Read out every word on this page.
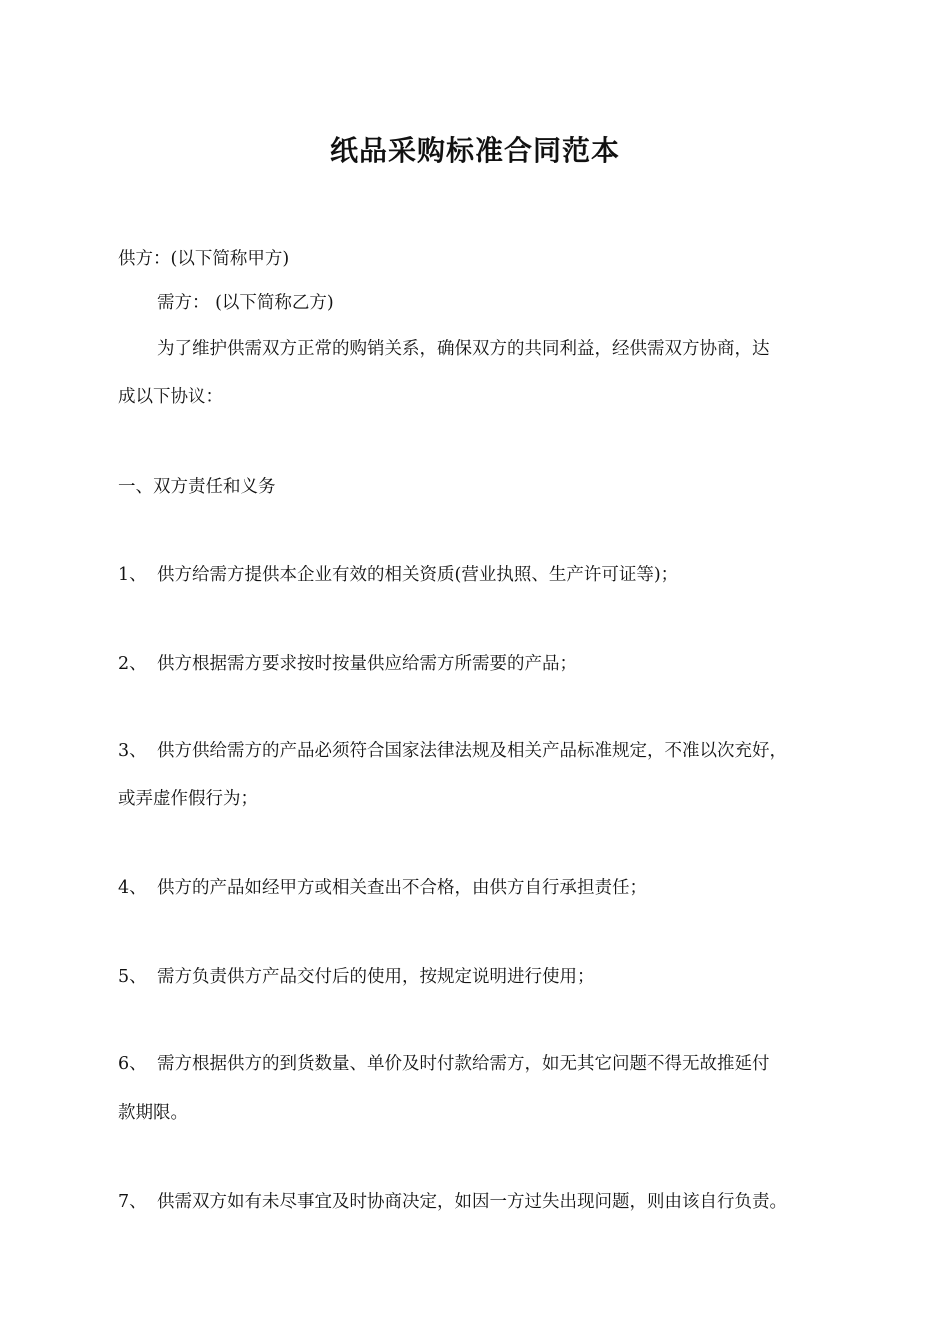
纸品采购标准合同范本
供方：(以下简称甲方)
需方： (以下简称乙方)
为了维护供需双方正常的购销关系，确保双方的共同利益，经供需双方协商，达
成以下协议：
一、双方责任和义务
1、 供方给需方提供本企业有效的相关资质(营业执照、生产许可证等)；
2、 供方根据需方要求按时按量供应给需方所需要的产品；
3、 供方供给需方的产品必须符合国家法律法规及相关产品标准规定，不准以次充好，
或弄虚作假行为；
4、 供方的产品如经甲方或相关查出不合格，由供方自行承担责任；
5、 需方负责供方产品交付后的使用，按规定说明进行使用；
6、 需方根据供方的到货数量、单价及时付款给需方，如无其它问题不得无故推延付
款期限。
7、 供需双方如有未尽事宜及时协商决定，如因一方过失出现问题，则由该自行负责。
